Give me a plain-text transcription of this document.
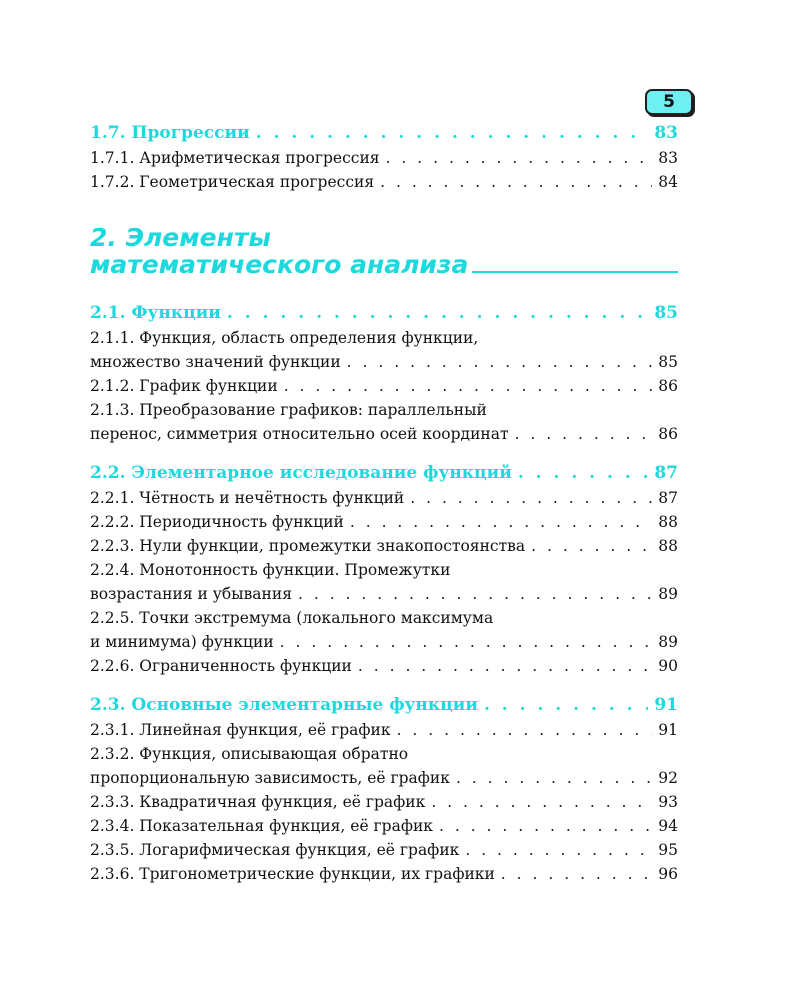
5
1.7. Прогрессии . . .	83
1.7.1. Арифметическая прогрессия . . .	83
1.7.2. Геометрическая прогрессия . . .	84
2. Элементы
математического анализа
2.1. Функции . . .	85
2.1.1. Функция, область определения функции,
множество значений функции . . .	85
2.1.2. График функции . . .	86
2.1.3. Преобразование графиков: параллельный
перенос, симметрия относительно осей координат . . .	86
2.2. Элементарное исследование функций . . .	87
2.2.1. Чётность и нечётность функций . . .	87
2.2.2. Периодичность функций . . .	88
2.2.3. Нули функции, промежутки знакопостоянства . . .	88
2.2.4. Монотонность функции. Промежутки
возрастания и убывания . . .	89
2.2.5. Точки экстремума (локального максимума
и минимума) функции . . .	89
2.2.6. Ограниченность функции . . .	90
2.3. Основные элементарные функции . . .	91
2.3.1. Линейная функция, её график . . .	91
2.3.2. Функция, описывающая обратно
пропорциональную зависимость, её график . . .	92
2.3.3. Квадратичная функция, её график . . .	93
2.3.4. Показательная функция, её график . . .	94
2.3.5. Логарифмическая функция, её график . . .	95
2.3.6. Тригонометрические функции, их графики . . .	96
